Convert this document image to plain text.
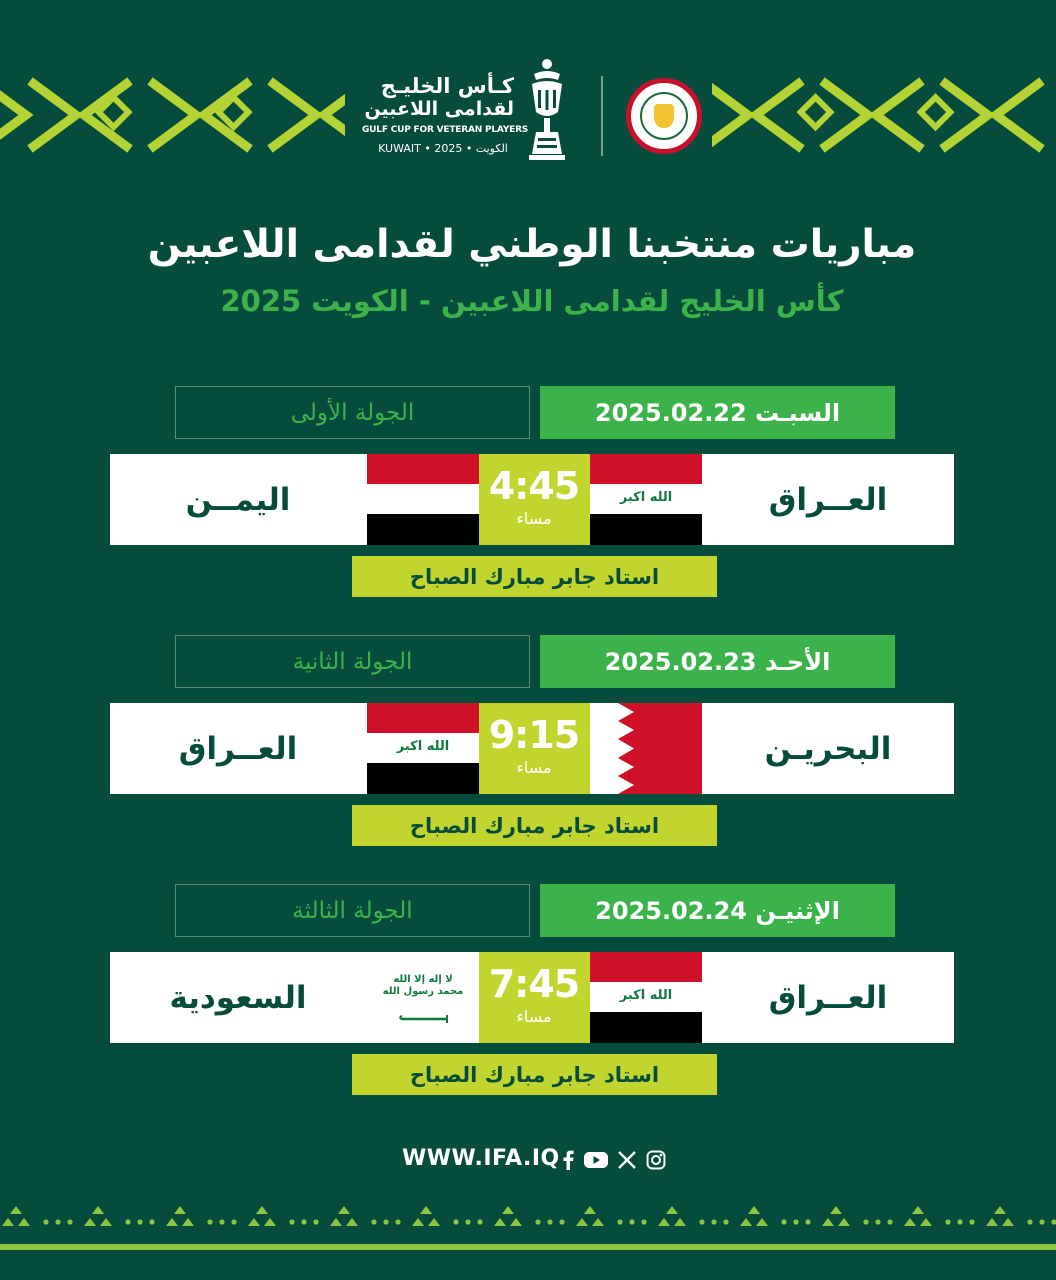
كـأس الخليـج
لقدامى اللاعبين
GULF CUP FOR VETERAN PLAYERS
KUWAIT • 2025 • الكويت
مباريات منتخبنا الوطني لقدامى اللاعبين
كأس الخليج لقدامى اللاعبين - الكويت 2025
السبـت 2025.02.22
الجولة الأولى
العــراق
الله اكبر
4:45
مساء
اليمــن
استاد جابر مبارك الصباح
الأحـد 2025.02.23
الجولة الثانية
البحريـن
9:15
مساء
الله اكبر
العــراق
استاد جابر مبارك الصباح
الإثنيـن 2025.02.24
الجولة الثالثة
العــراق
الله اكبر
7:45
مساء
لا إله إلا الله محمد رسول الله
السعودية
استاد جابر مبارك الصباح
WWW.IFA.IQ
